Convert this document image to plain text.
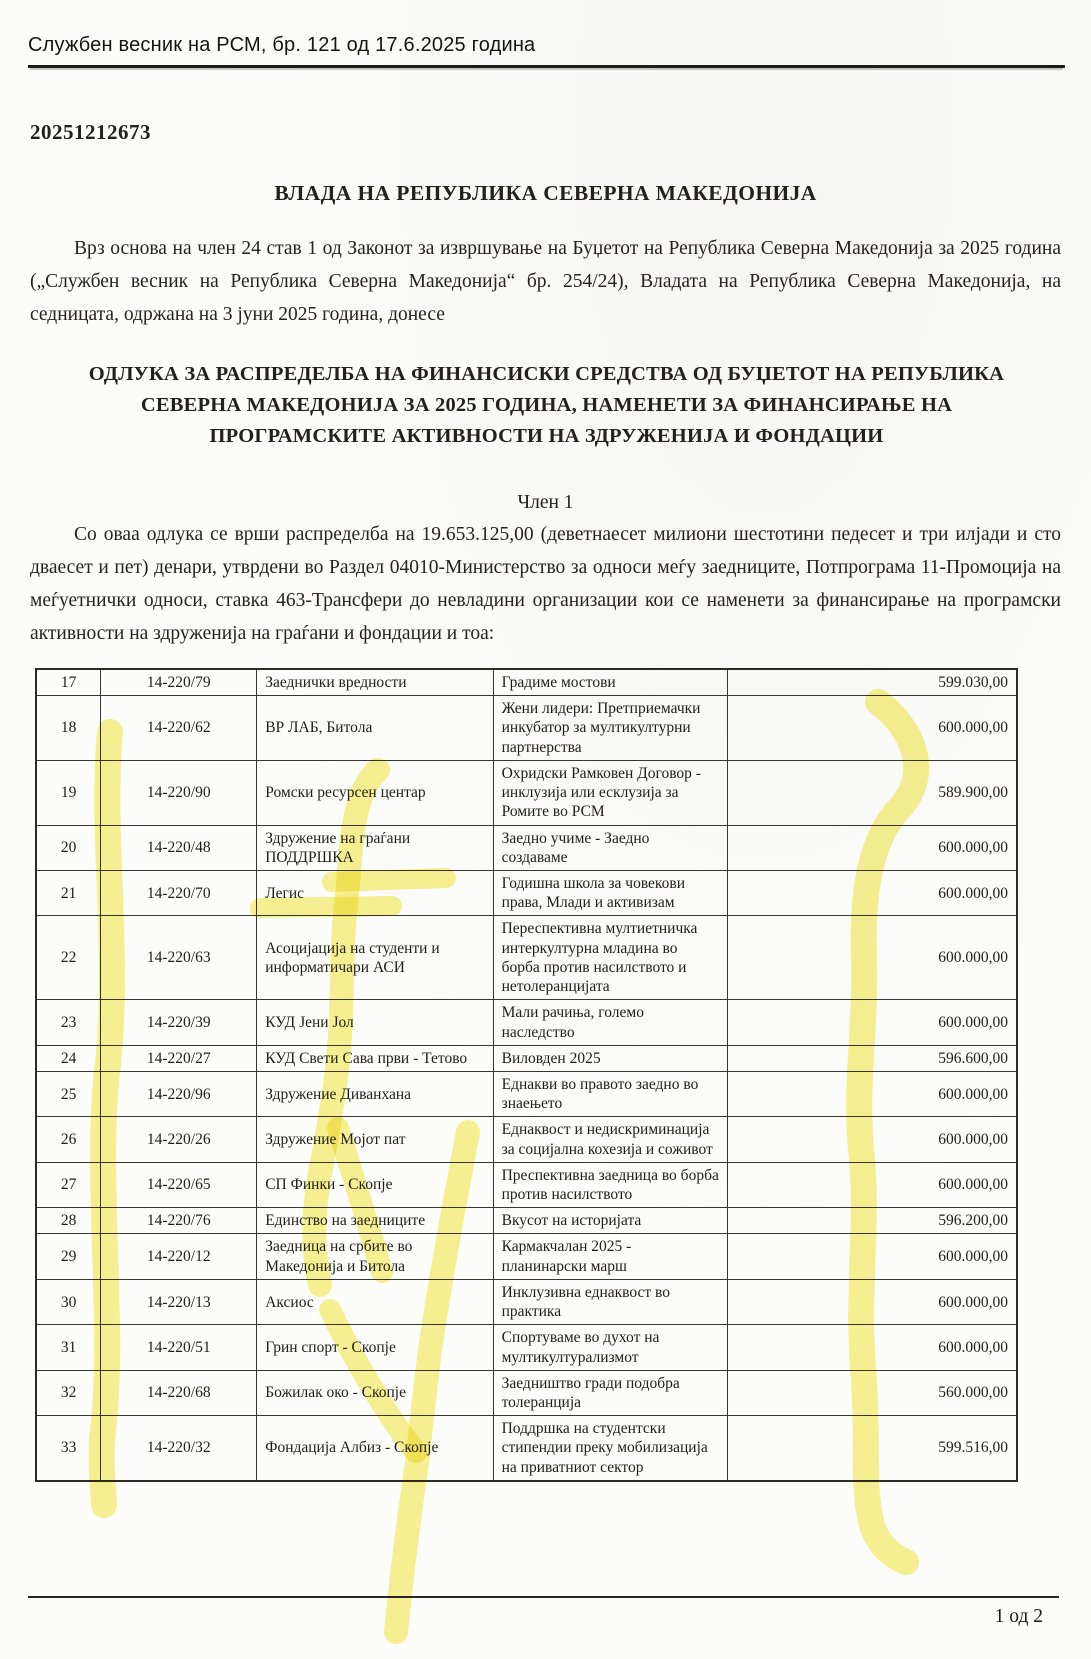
Службен весник на РСМ, бр. 121 од 17.6.2025 година
20251212673
ВЛАДА НА РЕПУБЛИКА СЕВЕРНА МАКЕДОНИЈА

Врз основа на член 24 став 1 од Законот за извршување на Буџетот на Република Северна Македонија за 2025 година („Службен весник на Република Северна Македонија“ бр. 254/24), Владата на Република Северна Македонија, на седницата, одржана на 3 јуни 2025 година, донесе

ОДЛУКА ЗА РАСПРЕДЕЛБА НА ФИНАНСИСКИ СРЕДСТВА ОД БУЏЕТОТ НА РЕПУБЛИКА СЕВЕРНА МАКЕДОНИЈА ЗА 2025 ГОДИНА, НАМЕНЕТИ ЗА ФИНАНСИРАЊЕ НА ПРОГРАМСКИТЕ АКТИВНОСТИ НА ЗДРУЖЕНИЈА И ФОНДАЦИИ
Член 1

Со оваа одлука се врши распределба на 19.653.125,00 (деветнаесет милиони шестотини педесет и три илјади и сто дваесет и пет) денари, утврдени во Раздел 04010-Министерство за односи меѓу заедниците, Потпрограма 11-Промоција на меѓуетнички односи, ставка 463-Трансфери до невладини организации кои се наменети за финансирање на програмски активности на здруженија на граѓани и фондации и тоа:

17	14-220/79	Заеднички вредности	Градиме мостови	599.030,00
18	14-220/62	ВР ЛАБ, Битола	Жени лидери: Претприемачки инкубатор за мултикултурни партнерства	600.000,00
19	14-220/90	Ромски ресурсен центар	Охридски Рамковен Договор - инклузија или есклузија за Ромите во РСМ	589.900,00
20	14-220/48	Здружение на граѓани ПОДДРШКА	Заедно учиме - Заедно создаваме	600.000,00
21	14-220/70	Легис	Годишна школа за човекови права, Млади и активизам	600.000,00
22	14-220/63	Асоцијација на студенти и информатичари АСИ	Переспективна мултиетничка интеркултурна младина во борба против насилството и нетолеранцијата	600.000,00
23	14-220/39	КУД Јени Јол	Мали рачиња, големо наследство	600.000,00
24	14-220/27	КУД Свети Сава први - Тетово	Виловден 2025	596.600,00
25	14-220/96	Здружение Диванхана	Еднакви во правото заедно во знаењето	600.000,00
26	14-220/26	Здружение Мојот пат	Еднаквост и недискриминација за социјална кохезија и соживот	600.000,00
27	14-220/65	СП Финки - Скопје	Преспективна заедница во борба против насилството	600.000,00
28	14-220/76	Единство на заедниците	Вкусот на историјата	596.200,00
29	14-220/12	Заедница на србите во Македонија и Битола	Кармакчалан 2025 - планинарски марш	600.000,00
30	14-220/13	Аксиос	Инклузивна еднаквост во практика	600.000,00
31	14-220/51	Грин спорт - Скопје	Спортуваме во духот на мултикултурализмот	600.000,00
32	14-220/68	Божилак око - Скопје	Заедништво гради подобра толеранција	560.000,00
33	14-220/32	Фондација Албиз - Скопје	Поддршка на студентски стипендии преку мобилизација на приватниот сектор	599.516,00
1 од 2
